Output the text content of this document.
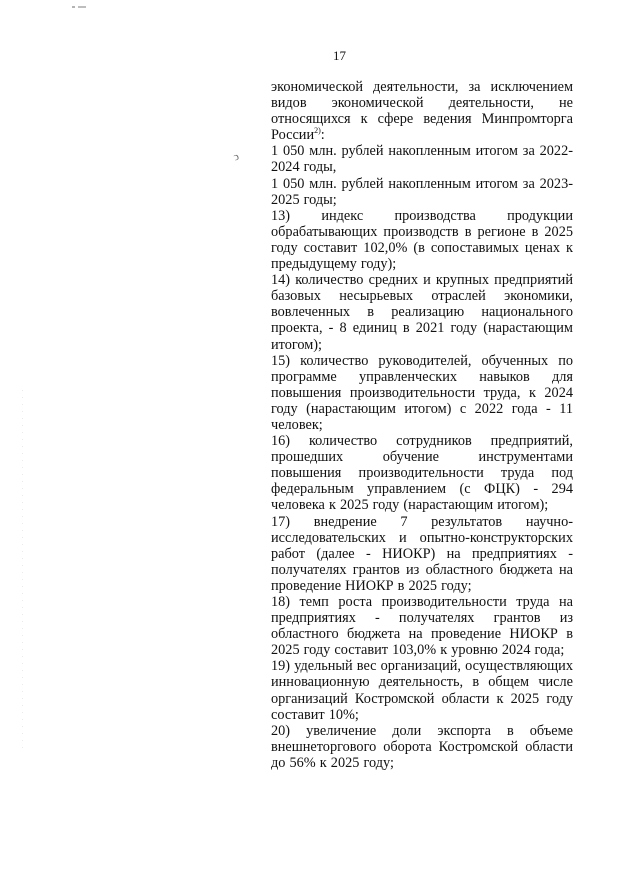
ↄ
17

экономической деятельности, за исключением видов экономической деятельности, не относящихся к сфере ведения Минпромторга России$^{2)}$:

1 050 млн. рублей накопленным итогом за 2022-2024 годы,

1 050 млн. рублей накопленным итогом за 2023-2025 годы;

13) индекс производства продукции обрабатывающих производств в регионе в 2025 году составит 102,0% (в сопоставимых ценах к предыдущему году);

14) количество средних и крупных предприятий базовых несырьевых отраслей экономики, вовлеченных в реализацию национального проекта, - 8 единиц в 2021 году (нарастающим итогом);

15) количество руководителей, обученных по программе управленческих навыков для повышения производительности труда, к 2024 году (нарастающим итогом) с 2022 года - 11 человек;

16) количество сотрудников предприятий, прошедших обучение инструментами повышения производительности труда под федеральным управлением (с ФЦК) - 294 человека к 2025 году (нарастающим итогом);

17) внедрение 7 результатов научно-исследовательских и опытно-конструкторских работ (далее - НИОКР) на предприятиях - получателях грантов из областного бюджета на проведение НИОКР в 2025 году;

18) темп роста производительности труда на предприятиях - получателях грантов из областного бюджета на проведение НИОКР в 2025 году составит 103,0% к уровню 2024 года;

19) удельный вес организаций, осуществляющих инновационную деятельность, в общем числе организаций Костромской области к 2025 году составит 10%;

20) увеличение доли экспорта в объеме внешнеторгового оборота Костромской области до 56% к 2025 году;
